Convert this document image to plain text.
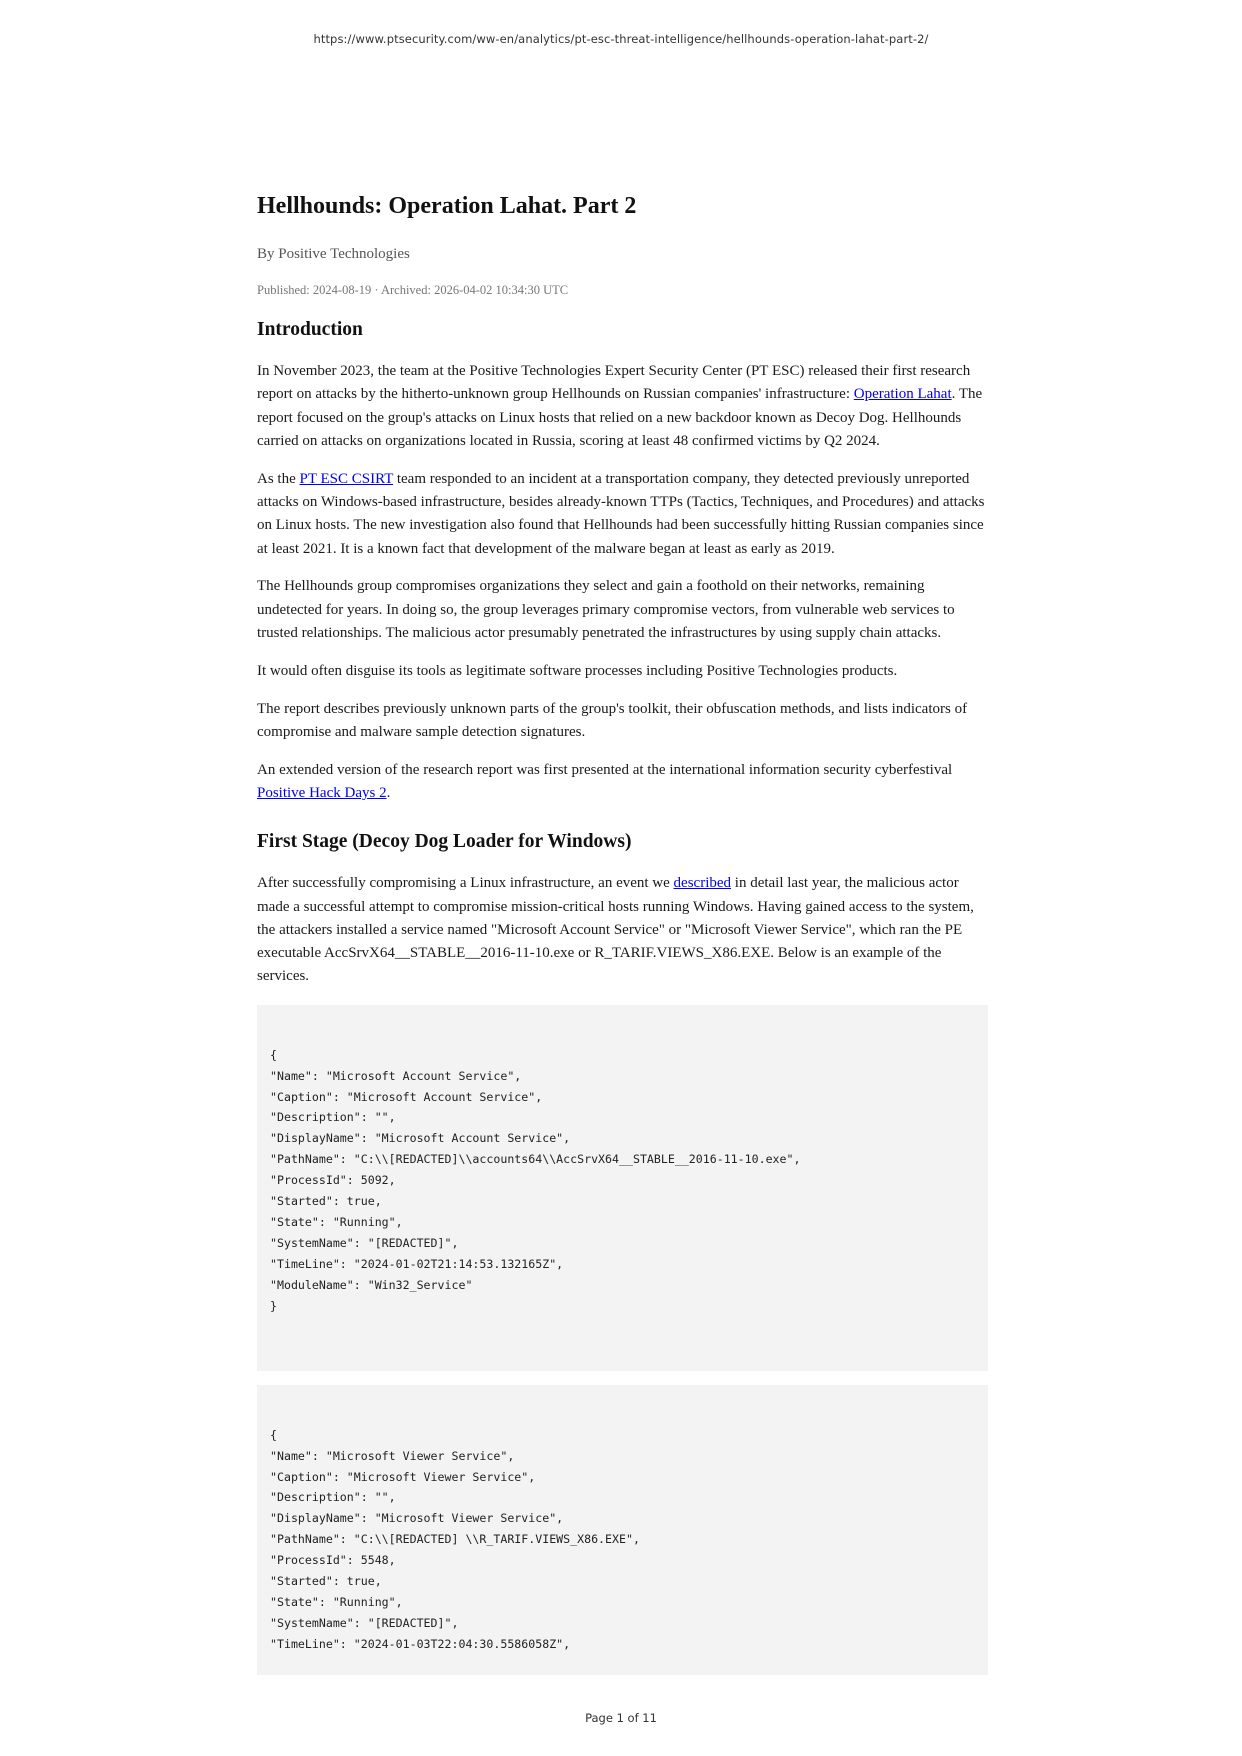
https://www.ptsecurity.com/ww-en/analytics/pt-esc-threat-intelligence/hellhounds-operation-lahat-part-2/
Hellhounds: Operation Lahat. Part 2
By Positive Technologies
Published: 2024-08-19 · Archived: 2026-04-02 10:34:30 UTC
Introduction

In November 2023, the team at the Positive Technologies Expert Security Center (PT ESC) released their first research report on attacks by the hitherto-unknown group Hellhounds on Russian companies' infrastructure: Operation Lahat. The report focused on the group's attacks on Linux hosts that relied on a new backdoor known as Decoy Dog. Hellhounds carried on attacks on organizations located in Russia, scoring at least 48 confirmed victims by Q2 2024.

As the PT ESC CSIRT team responded to an incident at a transportation company, they detected previously unreported attacks on Windows-based infrastructure, besides already-known TTPs (Tactics, Techniques, and Procedures) and attacks on Linux hosts. The new investigation also found that Hellhounds had been successfully hitting Russian companies since at least 2021. It is a known fact that development of the malware began at least as early as 2019.

The Hellhounds group compromises organizations they select and gain a foothold on their networks, remaining undetected for years. In doing so, the group leverages primary compromise vectors, from vulnerable web services to trusted relationships. The malicious actor presumably penetrated the infrastructures by using supply chain attacks.

It would often disguise its tools as legitimate software processes including Positive Technologies products.

The report describes previously unknown parts of the group's toolkit, their obfuscation methods, and lists indicators of compromise and malware sample detection signatures.

An extended version of the research report was first presented at the international information security cyberfestival Positive Hack Days 2.

First Stage (Decoy Dog Loader for Windows)

After successfully compromising a Linux infrastructure, an event we described in detail last year, the malicious actor made a successful attempt to compromise mission-critical hosts running Windows. Having gained access to the system, the attackers installed a service named "Microsoft Account Service" or "Microsoft Viewer Service", which ran the PE executable AccSrvX64__STABLE__2016-11-10.exe or R_TARIF.VIEWS_X86.EXE. Below is an example of the services.

{
"Name": "Microsoft Account Service",
"Caption": "Microsoft Account Service",
"Description": "",
"DisplayName": "Microsoft Account Service",
"PathName": "C:\\[REDACTED]\\accounts64\\AccSrvX64__STABLE__2016-11-10.exe",
"ProcessId": 5092,
"Started": true,
"State": "Running",
"SystemName": "[REDACTED]",
"TimeLine": "2024-01-02T21:14:53.132165Z",
"ModuleName": "Win32_Service"
}
{
"Name": "Microsoft Viewer Service",
"Caption": "Microsoft Viewer Service",
"Description": "",
"DisplayName": "Microsoft Viewer Service",
"PathName": "C:\\[REDACTED] \\R_TARIF.VIEWS_X86.EXE",
"ProcessId": 5548,
"Started": true,
"State": "Running",
"SystemName": "[REDACTED]",
"TimeLine": "2024-01-03T22:04:30.5586058Z",
Page 1 of 11
